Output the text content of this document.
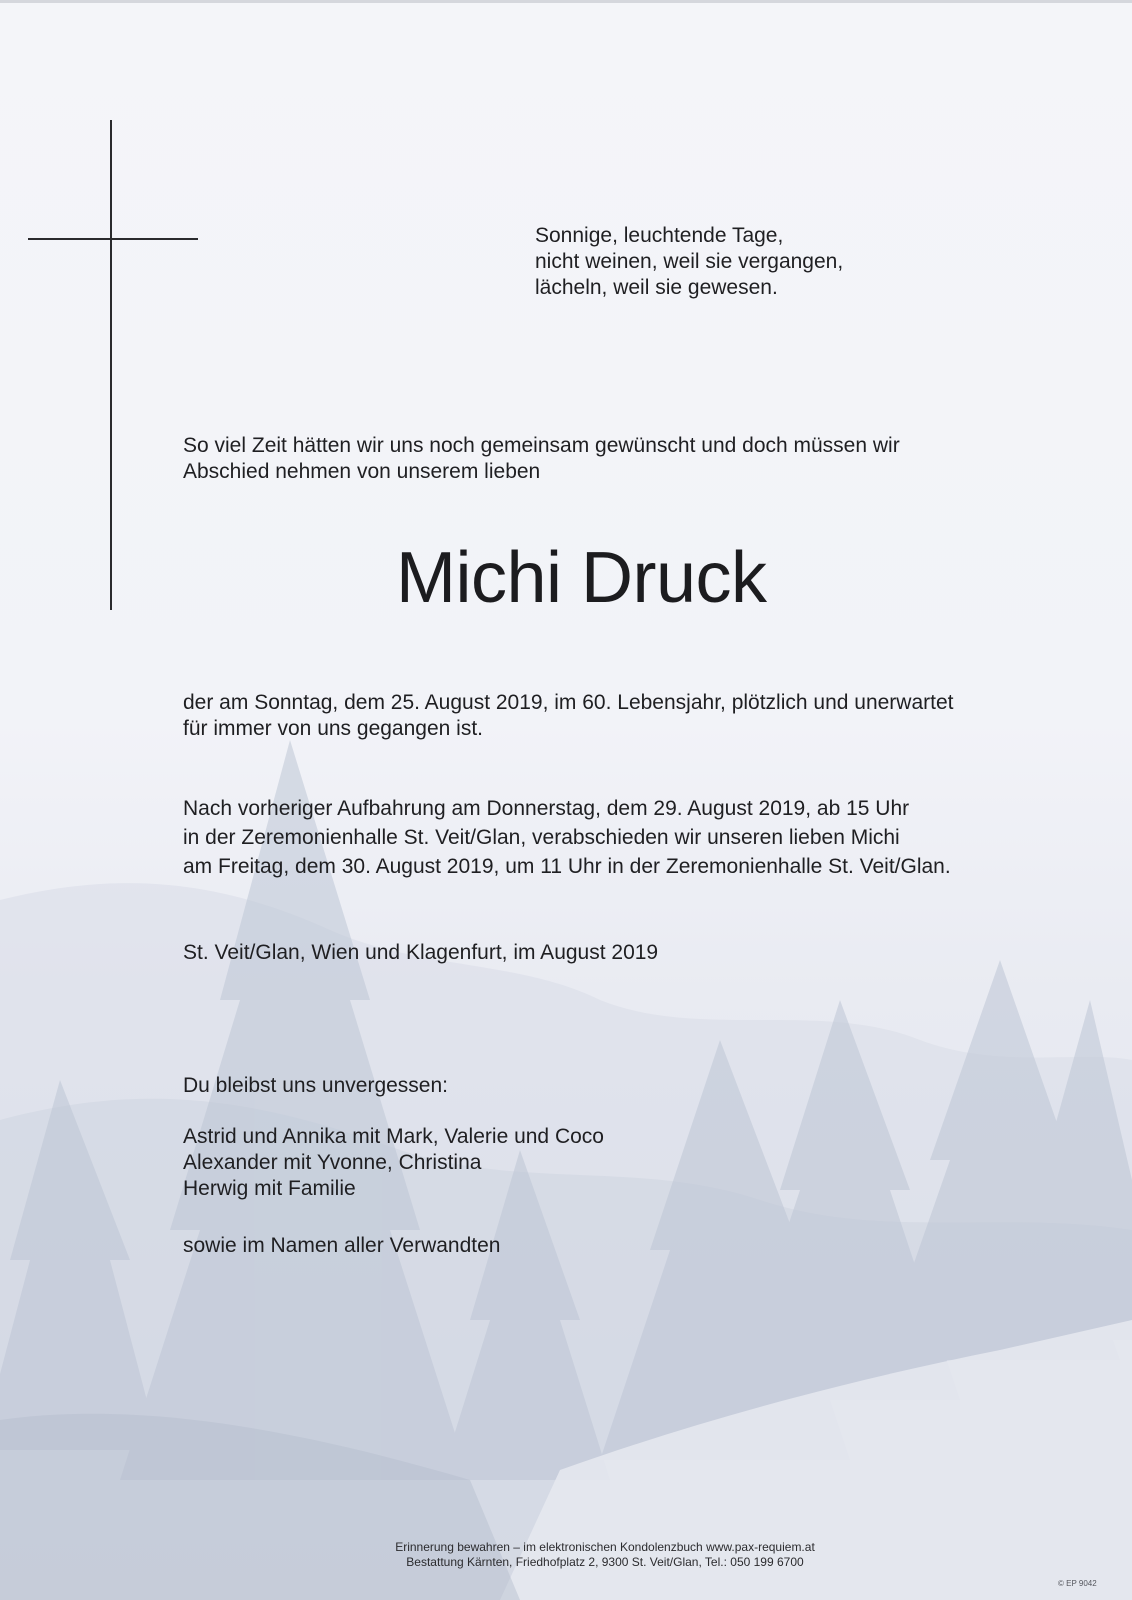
Sonnige, leuchtende Tage,
nicht weinen, weil sie vergangen,
lächeln, weil sie gewesen.
So viel Zeit hätten wir uns noch gemeinsam gewünscht und doch müssen wir
Abschied nehmen von unserem lieben
Michi Druck
der am Sonntag, dem 25. August 2019, im 60. Lebensjahr, plötzlich und unerwartet
für immer von uns gegangen ist.
Nach vorheriger Aufbahrung am Donnerstag, dem 29. August 2019, ab 15 Uhr
in der Zeremonienhalle St. Veit/Glan, verabschieden wir unseren lieben Michi
am Freitag, dem 30. August 2019, um 11 Uhr in der Zeremonienhalle St. Veit/Glan.
St. Veit/Glan, Wien und Klagenfurt, im August 2019
Du bleibst uns unvergessen:
Astrid und Annika mit Mark, Valerie und Coco
Alexander mit Yvonne, Christina
Herwig mit Familie
sowie im Namen aller Verwandten
Erinnerung bewahren – im elektronischen Kondolenzbuch www.pax-requiem.at
Bestattung Kärnten, Friedhofplatz 2, 9300 St. Veit/Glan, Tel.: 050 199 6700
© EP 9042
